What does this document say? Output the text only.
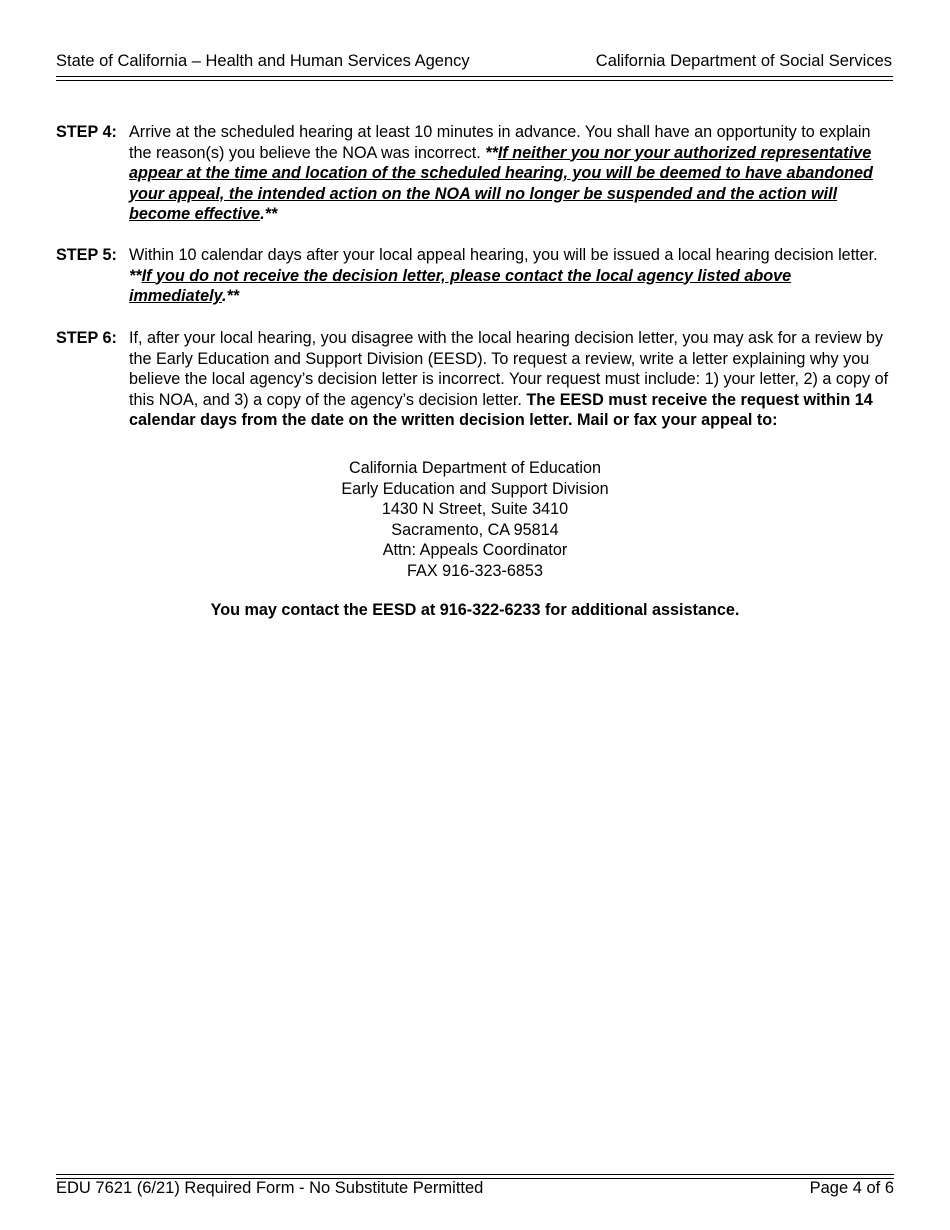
State of California – Health and Human Services Agency	California Department of Social Services
STEP 4: Arrive at the scheduled hearing at least 10 minutes in advance. You shall have an opportunity to explain the reason(s) you believe the NOA was incorrect. **If neither you nor your authorized representative appear at the time and location of the scheduled hearing, you will be deemed to have abandoned your appeal, the intended action on the NOA will no longer be suspended and the action will become effective.**
STEP 5: Within 10 calendar days after your local appeal hearing, you will be issued a local hearing decision letter. **If you do not receive the decision letter, please contact the local agency listed above immediately.**
STEP 6: If, after your local hearing, you disagree with the local hearing decision letter, you may ask for a review by the Early Education and Support Division (EESD). To request a review, write a letter explaining why you believe the local agency’s decision letter is incorrect. Your request must include: 1) your letter, 2) a copy of this NOA, and 3) a copy of the agency’s decision letter. The EESD must receive the request within 14 calendar days from the date on the written decision letter. Mail or fax your appeal to:
California Department of Education
Early Education and Support Division
1430 N Street, Suite 3410
Sacramento, CA 95814
Attn: Appeals Coordinator
FAX 916-323-6853
You may contact the EESD at 916-322-6233 for additional assistance.
EDU 7621 (6/21) Required Form - No Substitute Permitted	Page 4 of 6
